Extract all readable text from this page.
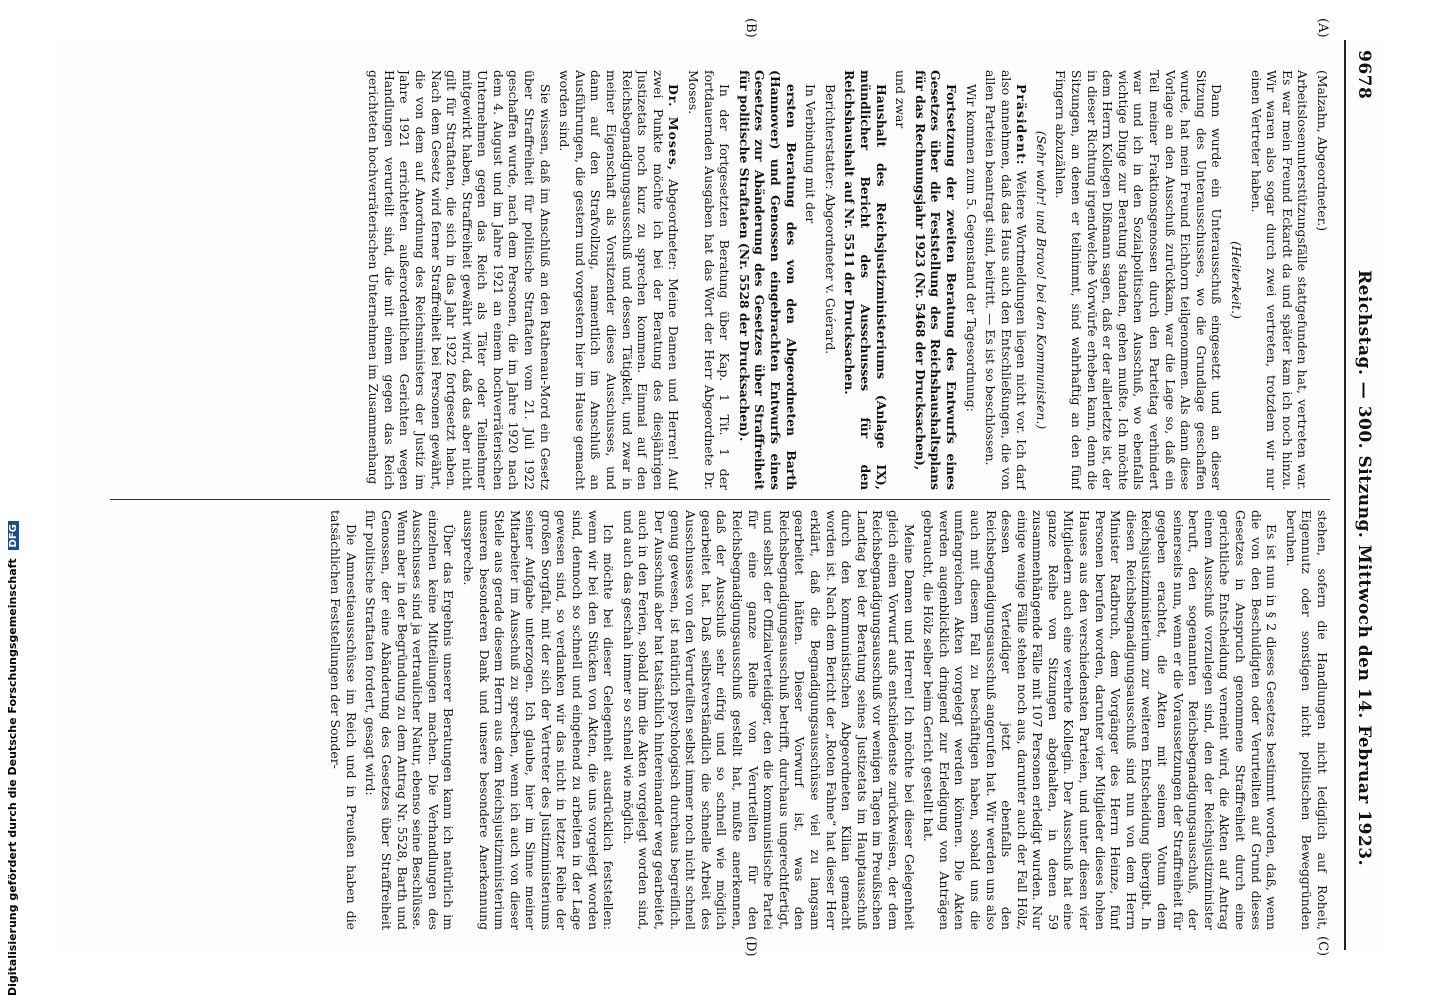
9678
Reichstag. — 300. Sitzung. Mittwoch den 14. Februar 1923.
(A)
(B)
(C)
(D)

(Malzahn, Abgeordneter.)

Arbeitslosenunterstützungsfälle stattgefunden hat, vertreten war. Es war mein Freund Eckardt da und später kam ich noch hinzu. Wir waren also sogar durch zwei vertreten, trotzdem wir nur einen Vertreter haben.

(Heiterkeit.)

Dann wurde ein Unterausschuß eingesetzt und an dieser Sitzung des Unterausschusses, wo die Grundlage geschaffen wurde, hat mein Freund Eichhorn teilgenommen. Als dann diese Vorlage an den Ausschuß zurückkam, war die Lage so, daß ein Teil meiner Fraktionsgenossen durch den Parteitag verhindert war und ich in den Sozialpolitischen Ausschuß, wo ebenfalls wichtige Dinge zur Beratung standen, gehen mußte. Ich möchte dem Herrn Kollegen Dißmann sagen, daß er der allerletzte ist, der in dieser Richtung irgendwelche Vorwürfe erheben kann, denn die Sitzungen, an denen er teilnimmt, sind wahrhaftig an den fünf Fingern abzuzählen.

(Sehr wahr! und Bravo! bei den Kommunisten.)

Präsident: Weitere Wortmeldungen liegen nicht vor. Ich darf also annehmen, daß das Haus auch den Entschließungen, die von allen Parteien beantragt sind, beitritt. — Es ist so beschlossen.

Wir kommen zum 5. Gegenstand der Tagesordnung:

Fortsetzung der zweiten Beratung des Entwurfs eines Gesetzes über die Feststellung des Reichshaushaltsplans für das Rechnungsjahr 1923 (Nr. 5468 der Drucksachen),

und zwar

Haushalt des Reichsjustizministeriums (Anlage IX), mündlicher Bericht des Ausschusses für den Reichshaushalt auf Nr. 5511 der Drucksachen.

Berichterstatter: Abgeordneter v. Guérard.

In Verbindung mit der

ersten Beratung des von den Abgeordneten Barth (Hannover) und Genossen eingebrachten Entwurfs eines Gesetzes zur Abänderung des Gesetzes über Straffreiheit für politische Straftaten (Nr. 5528 der Drucksachen).

In der fortgesetzten Beratung über Kap. 1 Tit. 1 der fortdauernden Ausgaben hat das Wort der Herr Abgeordnete Dr. Moses.

Dr. Moses, Abgeordneter: Meine Damen und Herren! Auf zwei Punkte möchte ich bei der Beratung des diesjährigen Justizetats noch kurz zu sprechen kommen. Einmal auf den Reichsbegnadigungsausschuß und dessen Tätigkeit, und zwar in meiner Eigenschaft als Vorsitzender dieses Ausschusses, und dann auf den Strafvollzug, namentlich im Anschluß an Ausführungen, die gestern und vorgestern hier im Hause gemacht worden sind.

Sie wissen, daß im Anschluß an den Rathenau-Mord ein Gesetz über Straffreiheit für politische Straftaten vom 21. Juli 1922 geschaffen wurde, nach dem Personen, die im Jahre 1920 nach dem 4. August und im Jahre 1921 an einem hochverräterischen Unternehmen gegen das Reich als Täter oder Teilnehmer mitgewirkt haben, Straffreiheit gewährt wird, daß das aber nicht gilt für Straftaten, die sich in das Jahr 1922 fortgesetzt haben. Nach dem Gesetz wird ferner Straffreiheit bei Personen gewährt, die von dem auf Anordnung des Reichsministers der Justiz im Jahre 1921 errichteten außerordentlichen Gerichten wegen Handlungen verurteilt sind, die mit einem gegen das Reich gerichteten hochverräterischen Unternehmen im Zusammenhang

stehen, sofern die Handlungen nicht lediglich auf Roheit, Eigennutz oder sonstigen nicht politischen Beweggründen beruhen.

Es ist nun in § 2 dieses Gesetzes bestimmt worden, daß, wenn die von den Beschuldigten oder Verurteilten auf Grund dieses Gesetzes in Anspruch genommene Straffreiheit durch eine gerichtliche Entscheidung verneint wird, die Akten auf Antrag einem Ausschuß vorzulegen sind, den der Reichsjustizminister beruft, den sogenannten Reichsbegnadigungsausschuß, der seinerseits nun, wenn er die Voraussetzungen der Straffreiheit für gegeben erachtet, die Akten mit seinem Votum dem Reichsjustizministerium zur weiteren Entscheidung übergibt. In diesen Reichsbegnadigungsausschuß sind nun von dem Herrn Minister Radbruch, dem Vorgänger des Herrn Heinze, fünf Personen berufen worden, darunter vier Mitglieder dieses hohen Hauses aus den verschiedensten Parteien, und unter diesen vier Mitgliedern auch eine verehrte Kollegin. Der Ausschuß hat eine ganze Reihe von Sitzungen abgehalten, in denen 59 zusammenhängende Fälle mit 107 Personen erledigt wurden. Nur einige wenige Fälle stehen noch aus, darunter auch der Fall Hölz, dessen Verteidiger jetzt ebenfalls den Reichsbegnadigungsausschuß angerufen hat. Wir werden uns also auch mit diesem Fall zu beschäftigen haben, sobald uns die umfangreichen Akten vorgelegt werden können. Die Akten werden augenblicklich dringend zur Erledigung von Anträgen gebraucht, die Hölz selber beim Gericht gestellt hat.

Meine Damen und Herren! Ich möchte bei dieser Gelegenheit gleich einen Vorwurf aufs entschiedenste zurückweisen, der dem Reichsbegnadigungsausschuß vor wenigen Tagen im Preußischen Landtag bei der Beratung seines Justizetats im Hauptausschuß durch den kommunistischen Abgeordneten Kilian gemacht worden ist. Nach dem Bericht der „Roten Fahne“ hat dieser Herr erklärt, daß die Begnadigungsausschüsse viel zu langsam gearbeitet hätten. Dieser Vorwurf ist, was den Reichsbegnadigungsausschuß betrifft, durchaus ungerechtfertigt, und selbst der Offizialverteidiger, den die kommunistische Partei für eine ganze Reihe von Verurteilten für den Reichsbegnadigungsausschuß gestellt hat, mußte anerkennen, daß der Ausschuß sehr eifrig und so schnell wie möglich gearbeitet hat. Daß selbstverständlich die schnelle Arbeit des Ausschusses von den Verurteilten selbst immer noch nicht schnell genug gewesen, ist natürlich psychologisch durchaus begreiflich. Der Ausschuß aber hat tatsächlich hintereinander weg gearbeitet, auch in den Ferien, sobald ihm die Akten vorgelegt worden sind, und auch das geschah immer so schnell wie möglich.

Ich möchte bei dieser Gelegenheit ausdrücklich feststellen: wenn wir bei den Stücken von Akten, die uns vorgelegt worden sind, dennoch so schnell und eingehend zu arbeiten in der Lage gewesen sind, so verdanken wir das nicht in letzter Reihe der großen Sorgfalt, mit der sich der Vertreter des Justizministeriums seiner Aufgabe unterzogen. Ich glaube, hier im Sinne meiner Mitarbeiter im Ausschuß zu sprechen, wenn ich auch von dieser Stelle aus gerade diesem Herrn aus dem Reichsjustizministerium unseren besonderen Dank und unsere besondere Anerkennung ausspreche.

Über das Ergebnis unserer Beratungen kann ich natürlich im einzelnen keine Mitteilungen machen. Die Verhandlungen des Ausschusses sind ja vertraulicher Natur, ebenso seine Beschlüsse. Wenn aber in der Begründung zu dem Antrag Nr. 5528, Barth und Genossen, der eine Abänderung des Gesetzes über Straffreiheit für politische Straftaten fordert, gesagt wird:

Die Amnestieausschüsse im Reich und in Preußen haben die tatsächlichen Feststellungen der Sonder-

Digitalisierung gefördert durch die Deutsche Forschungsgemeinschaft DFG
